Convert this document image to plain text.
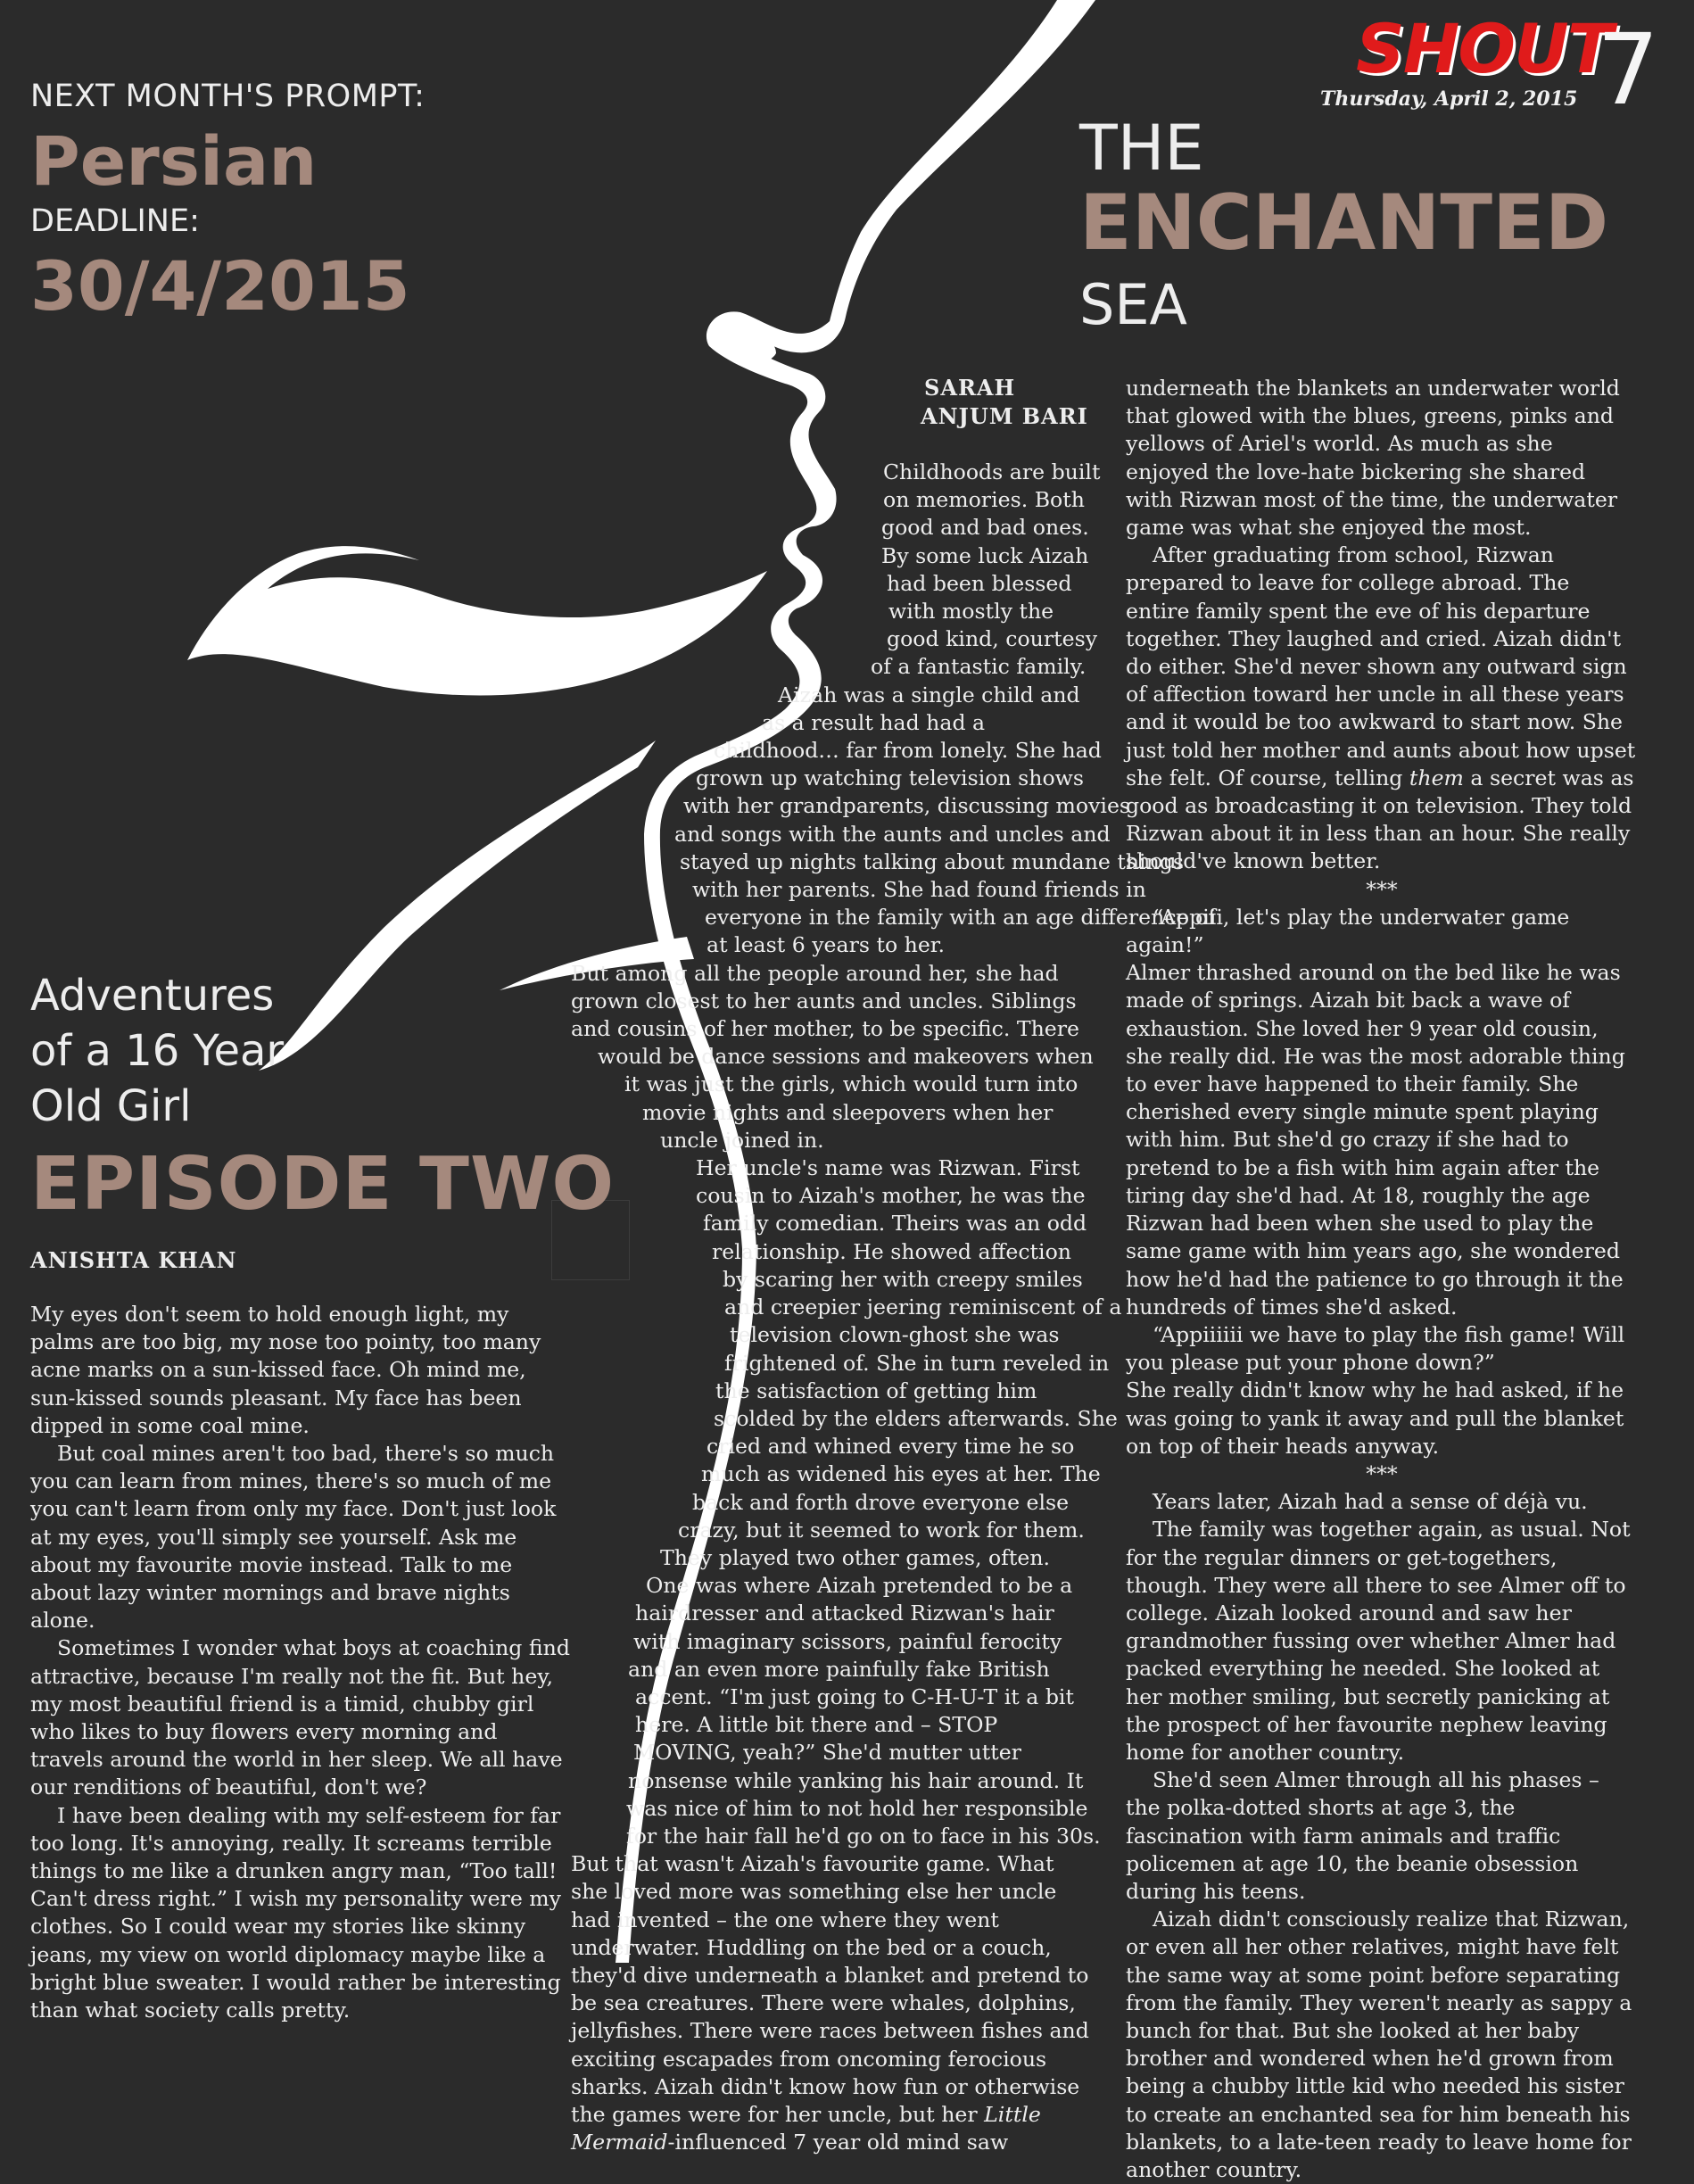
NEXT MONTH'S PROMPT:
Persian
DEADLINE:
30/4/2015
SHOUT
Thursday, April 2, 2015 7
THE
ENCHANTED
SEA
SARAH
ANJUM BARI
Childhoods are built
on memories. Both
good and bad ones.
By some luck Aizah
had been blessed
with mostly the
good kind, courtesy
of a fantastic family.
Aizah was a single child and
as a result had had a
childhood… far from lonely. She had
grown up watching television shows
with her grandparents, discussing movies
and songs with the aunts and uncles and
stayed up nights talking about mundane things
with her parents. She had found friends in
everyone in the family with an age difference of
at least 6 years to her.
But among all the people around her, she had
grown closest to her aunts and uncles. Siblings
and cousins of her mother, to be specific. There
would be dance sessions and makeovers when
it was just the girls, which would turn into
movie nights and sleepovers when her
uncle joined in.
Her uncle's name was Rizwan. First
cousin to Aizah's mother, he was the
family comedian. Theirs was an odd
relationship. He showed affection
by scaring her with creepy smiles
and creepier jeering reminiscent of a
television clown-ghost she was
frightened of. She in turn reveled in
the satisfaction of getting him
scolded by the elders afterwards. She
cried and whined every time he so
much as widened his eyes at her. The
back and forth drove everyone else
crazy, but it seemed to work for them.
They played two other games, often.
One was where Aizah pretended to be a
hairdresser and attacked Rizwan's hair
with imaginary scissors, painful ferocity
and an even more painfully fake British
accent. “I'm just going to C-H-U-T it a bit
here. A little bit there and – STOP
MOVING, yeah?” She'd mutter utter
nonsense while yanking his hair around. It
was nice of him to not hold her responsible
for the hair fall he'd go on to face in his 30s.
But that wasn't Aizah's favourite game. What
she loved more was something else her uncle
had invented – the one where they went
underwater. Huddling on the bed or a couch,
they'd dive underneath a blanket and pretend to
be sea creatures. There were whales, dolphins,
jellyfishes. There were races between fishes and
exciting escapades from oncoming ferocious
sharks. Aizah didn't know how fun or otherwise
the games were for her uncle, but her Little
Mermaid-influenced 7 year old mind saw

underneath the blankets an underwater world that glowed with the blues, greens, pinks and yellows of Ariel's world. As much as she enjoyed the love-hate bickering she shared with Rizwan most of the time, the underwater game was what she enjoyed the most.

After graduating from school, Rizwan prepared to leave for college abroad. The entire family spent the eve of his departure together. They laughed and cried. Aizah didn't do either. She'd never shown any outward sign of affection toward her uncle in all these years and it would be too awkward to start now. She just told her mother and aunts about how upset she felt. Of course, telling them a secret was as good as broadcasting it on television. They told Rizwan about it in less than an hour. She really should've known better.

***

“Appiii, let's play the underwater game again!”

Almer thrashed around on the bed like he was made of springs. Aizah bit back a wave of exhaustion. She loved her 9 year old cousin, she really did. He was the most adorable thing to ever have happened to their family. She cherished every single minute spent playing with him. But she'd go crazy if she had to pretend to be a fish with him again after the tiring day she'd had. At 18, roughly the age Rizwan had been when she used to play the same game with him years ago, she wondered how he'd had the patience to go through it the hundreds of times she'd asked.

“Appiiiiii we have to play the fish game! Will you please put your phone down?”

She really didn't know why he had asked, if he was going to yank it away and pull the blanket on top of their heads anyway.

***

Years later, Aizah had a sense of déjà vu.

The family was together again, as usual. Not for the regular dinners or get-togethers, though. They were all there to see Almer off to college. Aizah looked around and saw her grandmother fussing over whether Almer had packed everything he needed. She looked at her mother smiling, but secretly panicking at the prospect of her favourite nephew leaving home for another country.

She'd seen Almer through all his phases – the polka-dotted shorts at age 3, the fascination with farm animals and traffic policemen at age 10, the beanie obsession during his teens.

Aizah didn't consciously realize that Rizwan, or even all her other relatives, might have felt the same way at some point before separating from the family. They weren't nearly as sappy a bunch for that. But she looked at her baby brother and wondered when he'd grown from being a chubby little kid who needed his sister to create an enchanted sea for him beneath his blankets, to a late-teen ready to leave home for another country.

Adventures
of a 16 Year
Old Girl
EPISODE TWO
ANISHTA KHAN

My eyes don't seem to hold enough light, my palms are too big, my nose too pointy, too many acne marks on a sun-kissed face. Oh mind me, sun-kissed sounds pleasant. My face has been dipped in some coal mine.

But coal mines aren't too bad, there's so much you can learn from mines, there's so much of me you can't learn from only my face. Don't just look at my eyes, you'll simply see yourself. Ask me about my favourite movie instead. Talk to me about lazy winter mornings and brave nights alone.

Sometimes I wonder what boys at coaching find attractive, because I'm really not the fit. But hey, my most beautiful friend is a timid, chubby girl who likes to buy flowers every morning and travels around the world in her sleep. We all have our renditions of beautiful, don't we?

I have been dealing with my self-esteem for far too long. It's annoying, really. It screams terrible things to me like a drunken angry man, “Too tall! Can't dress right.” I wish my personality were my clothes. So I could wear my stories like skinny jeans, my view on world diplomacy maybe like a bright blue sweater. I would rather be interesting than what society calls pretty.
